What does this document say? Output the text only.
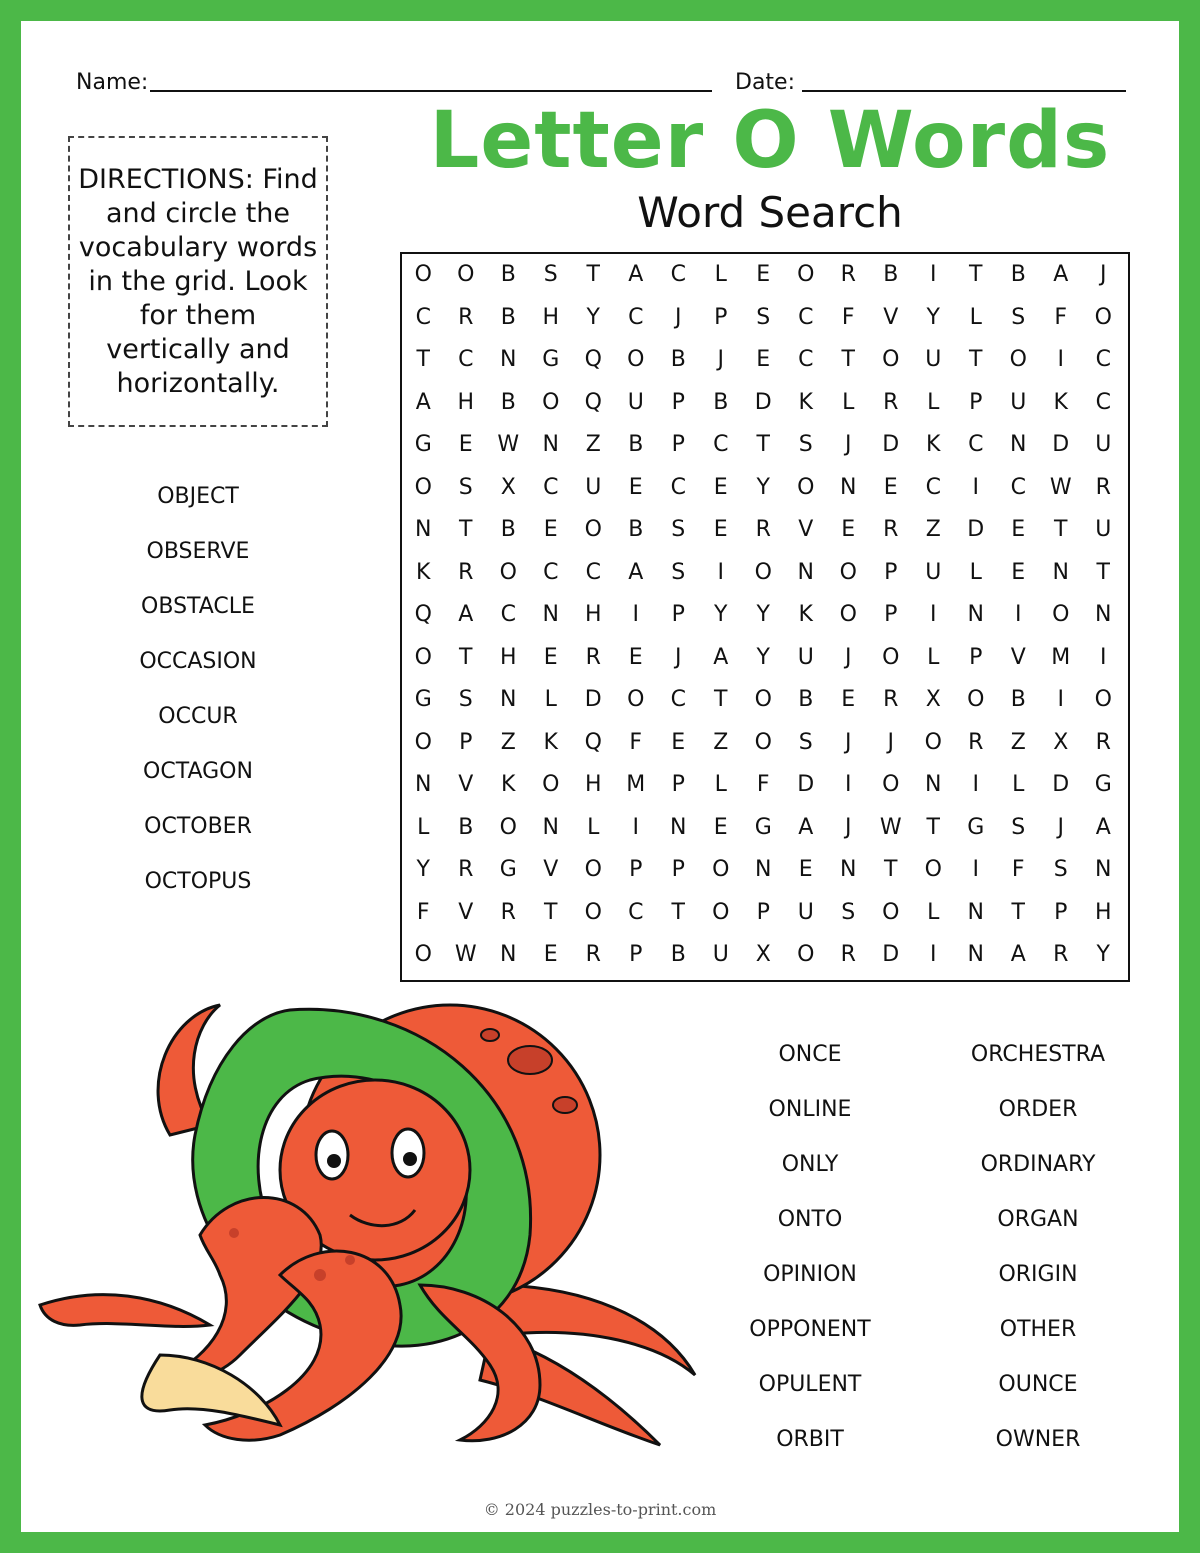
Name:	Date:
Letter O Words
Word Search
DIRECTIONS: Find and circle the vocabulary words in the grid. Look for them vertically and horizontally.
O	O	B	S	T	A	C	L	E	O	R	B	I	T	B	A	J
C	R	B	H	Y	C	J	P	S	C	F	V	Y	L	S	F	O
T	C	N	G	Q	O	B	J	E	C	T	O	U	T	O	I	C
A	H	B	O	Q	U	P	B	D	K	L	R	L	P	U	K	C
G	E	W	N	Z	B	P	C	T	S	J	D	K	C	N	D	U
O	S	X	C	U	E	C	E	Y	O	N	E	C	I	C	W	R
N	T	B	E	O	B	S	E	R	V	E	R	Z	D	E	T	U
K	R	O	C	C	A	S	I	O	N	O	P	U	L	E	N	T
Q	A	C	N	H	I	P	Y	Y	K	O	P	I	N	I	O	N
O	T	H	E	R	E	J	A	Y	U	J	O	L	P	V	M	I
G	S	N	L	D	O	C	T	O	B	E	R	X	O	B	I	O
O	P	Z	K	Q	F	E	Z	O	S	J	J	O	R	Z	X	R
N	V	K	O	H	M	P	L	F	D	I	O	N	I	L	D	G
L	B	O	N	L	I	N	E	G	A	J	W	T	G	S	J	A
Y	R	G	V	O	P	P	O	N	E	N	T	O	I	F	S	N
F	V	R	T	O	C	T	O	P	U	S	O	L	N	T	P	H
O	W	N	E	R	P	B	U	X	O	R	D	I	N	A	R	Y
OBJECT
OBSERVE
OBSTACLE
OCCASION
OCCUR
OCTAGON
OCTOBER
OCTOPUS
ONCE
ONLINE
ONLY
ONTO
OPINION
OPPONENT
OPULENT
ORBIT
ORCHESTRA
ORDER
ORDINARY
ORGAN
ORIGIN
OTHER
OUNCE
OWNER
© 2024 puzzles-to-print.com
